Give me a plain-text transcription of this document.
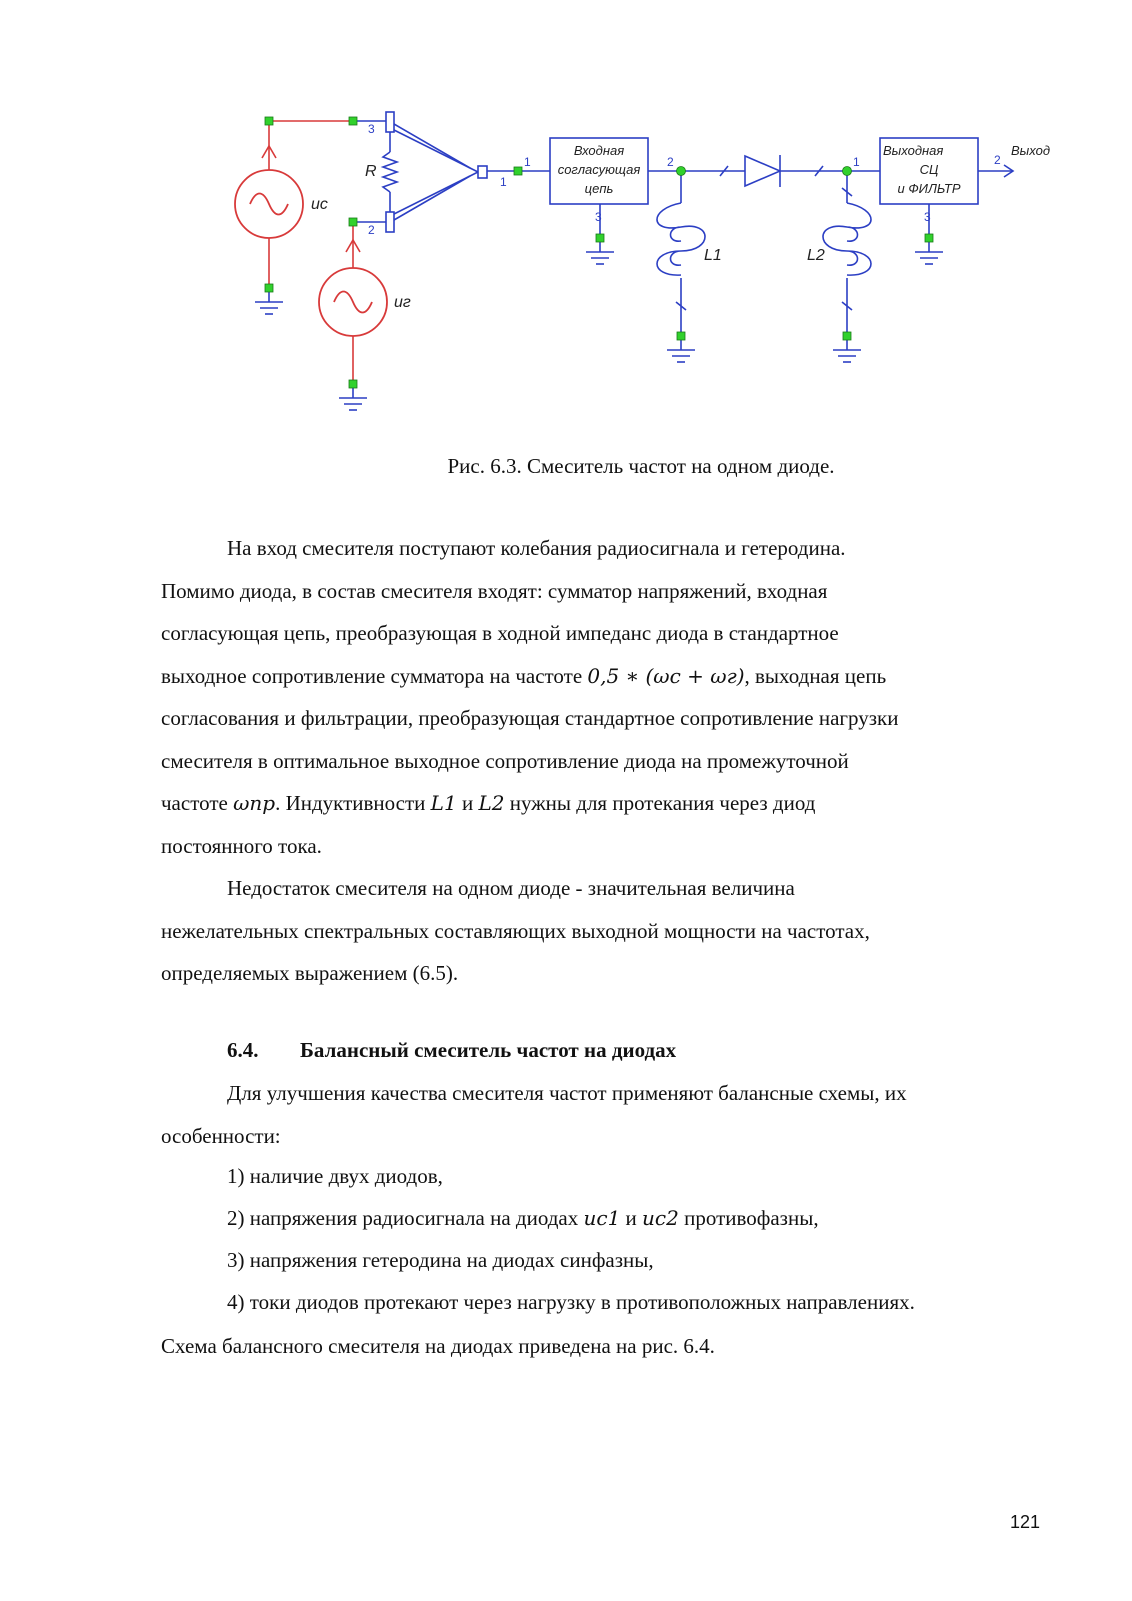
3
2
1
1
3
2	1
3
2
Входная
согласующая
цепь
Выходная
СЦ
и ФИЛЬТР
Выход
R
uc
uг
L1	L2
Рис. 6.3. Смеситель частот на одном диоде.

На вход смесителя поступают колебания радиосигнала и гетеродина.
Помимо диода, в состав смесителя входят: сумматор напряжений, входная
согласующая цепь, преобразующая в ходной импеданс диода в стандартное
выходное сопротивление сумматора на частоте 0,5 ∗ (ωc + ωг), выходная цепь
согласования и фильтрации, преобразующая стандартное сопротивление нагрузки
смесителя в оптимальное выходное сопротивление диода на промежуточной
частоте ωпр. Индуктивности L1 и L2 нужны для протекания через диод
постоянного тока.

Недостаток смесителя на одном диоде - значительная величина
нежелательных спектральных составляющих выходной мощности на частотах,
определяемых выражением (6.5).

6.4. Балансный смеситель частот на диодах

Для улучшения качества смесителя частот применяют балансные схемы, их
особенности:

1) наличие двух диодов,

2) напряжения радиосигнала на диодах uc1 и uc2 противофазны,

3) напряжения гетеродина на диодах синфазны,

4) токи диодов протекают через нагрузку в противоположных направлениях.

Схема балансного смесителя на диодах приведена на рис. 6.4.

121
